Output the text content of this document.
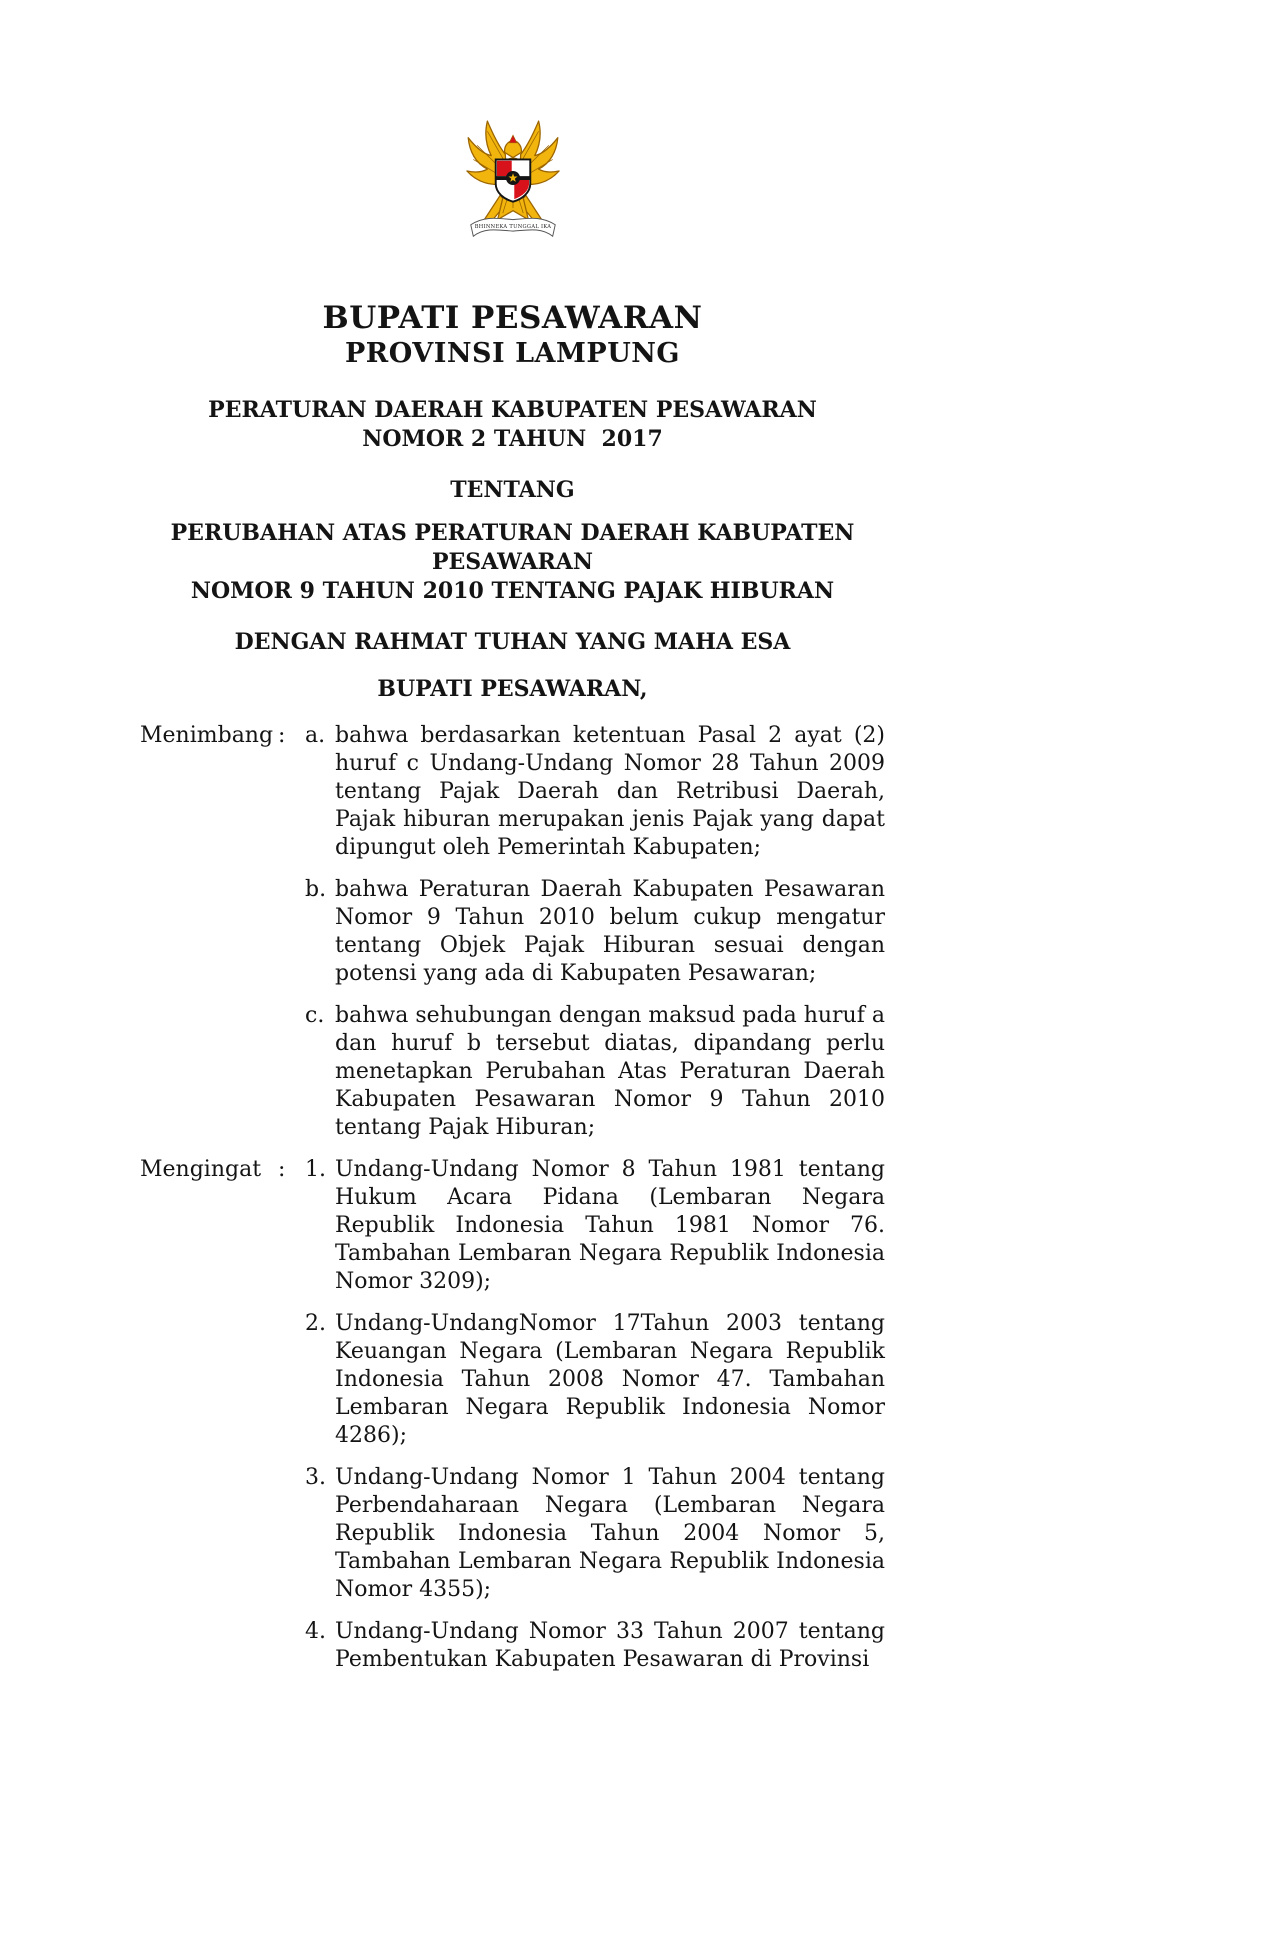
BHINNEKA TUNGGAL IKA
BUPATI PESAWARAN
PROVINSI LAMPUNG
PERATURAN DAERAH KABUPATEN PESAWARAN
NOMOR 2 TAHUN  2017
TENTANG
PERUBAHAN ATAS PERATURAN DAERAH KABUPATEN PESAWARAN
NOMOR 9 TAHUN 2010 TENTANG PAJAK HIBURAN
DENGAN RAHMAT TUHAN YANG MAHA ESA
BUPATI PESAWARAN,
Menimbang : a. bahwa berdasarkan ketentuan Pasal 2 ayat (2) huruf c Undang-Undang Nomor 28 Tahun 2009 tentang Pajak Daerah dan Retribusi Daerah, Pajak hiburan merupakan jenis Pajak yang dapat dipungut oleh Pemerintah Kabupaten;
b. bahwa Peraturan Daerah Kabupaten Pesawaran Nomor 9 Tahun 2010 belum cukup mengatur tentang Objek Pajak Hiburan sesuai dengan potensi yang ada di Kabupaten Pesawaran;
c. bahwa sehubungan dengan maksud pada huruf a dan huruf b tersebut diatas, dipandang perlu menetapkan Perubahan Atas Peraturan Daerah Kabupaten Pesawaran Nomor 9 Tahun 2010 tentang Pajak Hiburan;
Mengingat : 1. Undang-Undang Nomor 8 Tahun 1981 tentang Hukum Acara Pidana (Lembaran Negara Republik Indonesia Tahun 1981 Nomor 76. Tambahan Lembaran Negara Republik Indonesia Nomor 3209);
2. Undang-UndangNomor 17Tahun 2003 tentang Keuangan Negara (Lembaran Negara Republik Indonesia Tahun 2008 Nomor 47. Tambahan Lembaran Negara Republik Indonesia Nomor 4286);
3. Undang-Undang Nomor 1 Tahun 2004 tentang Perbendaharaan Negara (Lembaran Negara Republik Indonesia Tahun 2004 Nomor 5, Tambahan Lembaran Negara Republik Indonesia Nomor 4355);
4. Undang-Undang Nomor 33 Tahun 2007 tentang Pembentukan Kabupaten Pesawaran di Provinsi
